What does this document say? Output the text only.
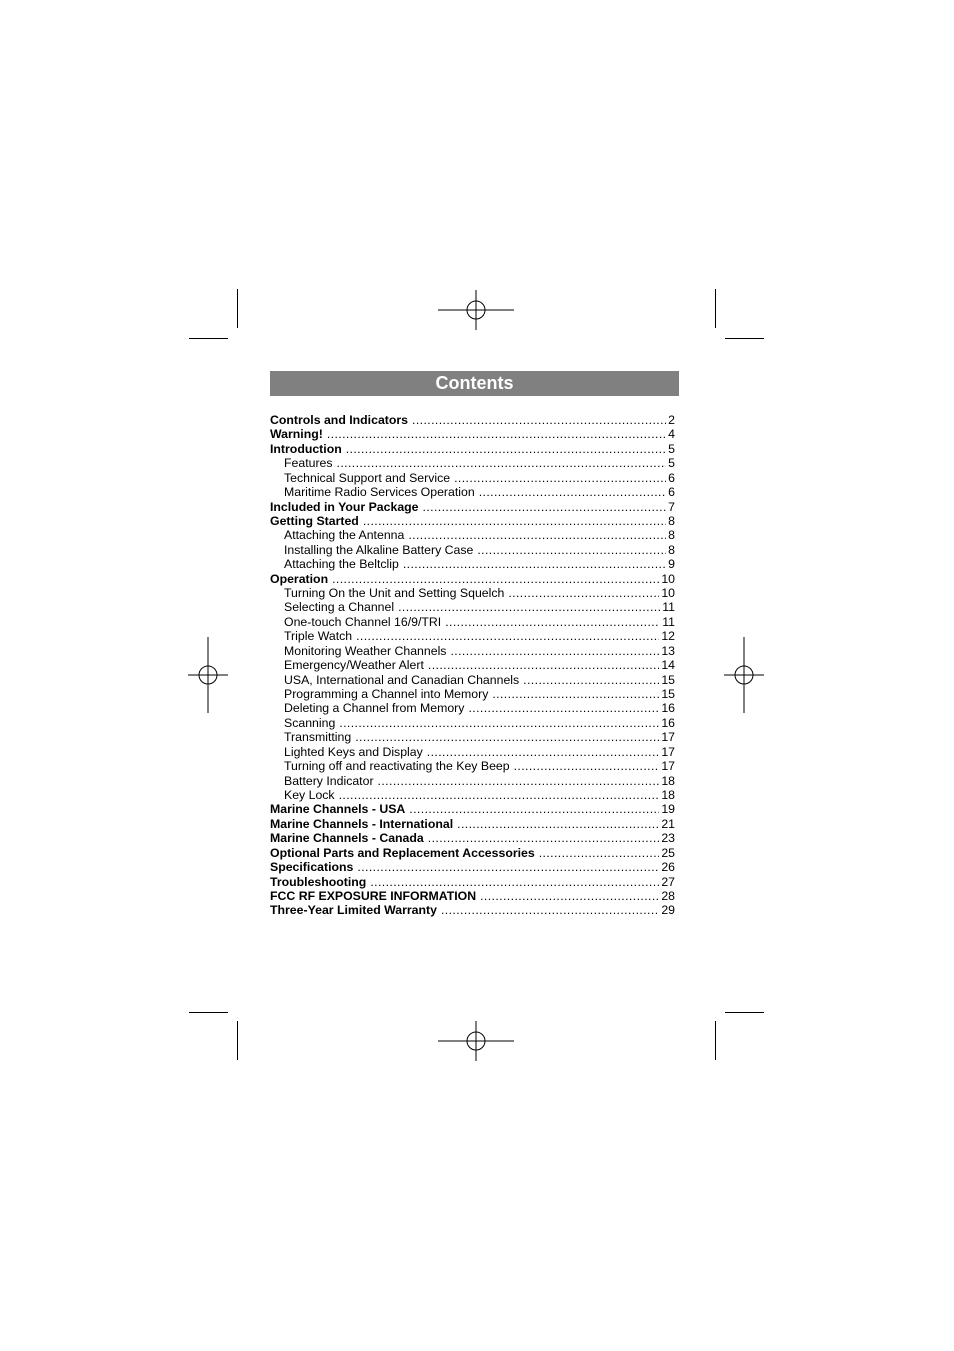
Contents
Controls and Indicators .....	2
Warning! .....	4
Introduction .....	5
Features .....	5
Technical Support and Service .....	6
Maritime Radio Services Operation .....	6
Included in Your Package .....	7
Getting Started .....	8
Attaching the Antenna .....	8
Installing the Alkaline Battery Case .....	8
Attaching the Beltclip .....	9
Operation .....	10
Turning On the Unit and Setting Squelch .....	10
Selecting a Channel .....	11
One-touch Channel 16/9/TRI .....	11
Triple Watch .....	12
Monitoring Weather Channels .....	13
Emergency/Weather Alert .....	14
USA, International and Canadian Channels .....	15
Programming a Channel into Memory .....	15
Deleting a Channel from Memory .....	16
Scanning .....	16
Transmitting .....	17
Lighted Keys and Display .....	17
Turning off and reactivating the Key Beep .....	17
Battery Indicator .....	18
Key Lock .....	18
Marine Channels - USA .....	19
Marine Channels - International .....	21
Marine Channels - Canada .....	23
Optional Parts and Replacement Accessories .....	25
Specifications .....	26
Troubleshooting .....	27
FCC RF EXPOSURE INFORMATION .....	28
Three-Year Limited Warranty .....	29
